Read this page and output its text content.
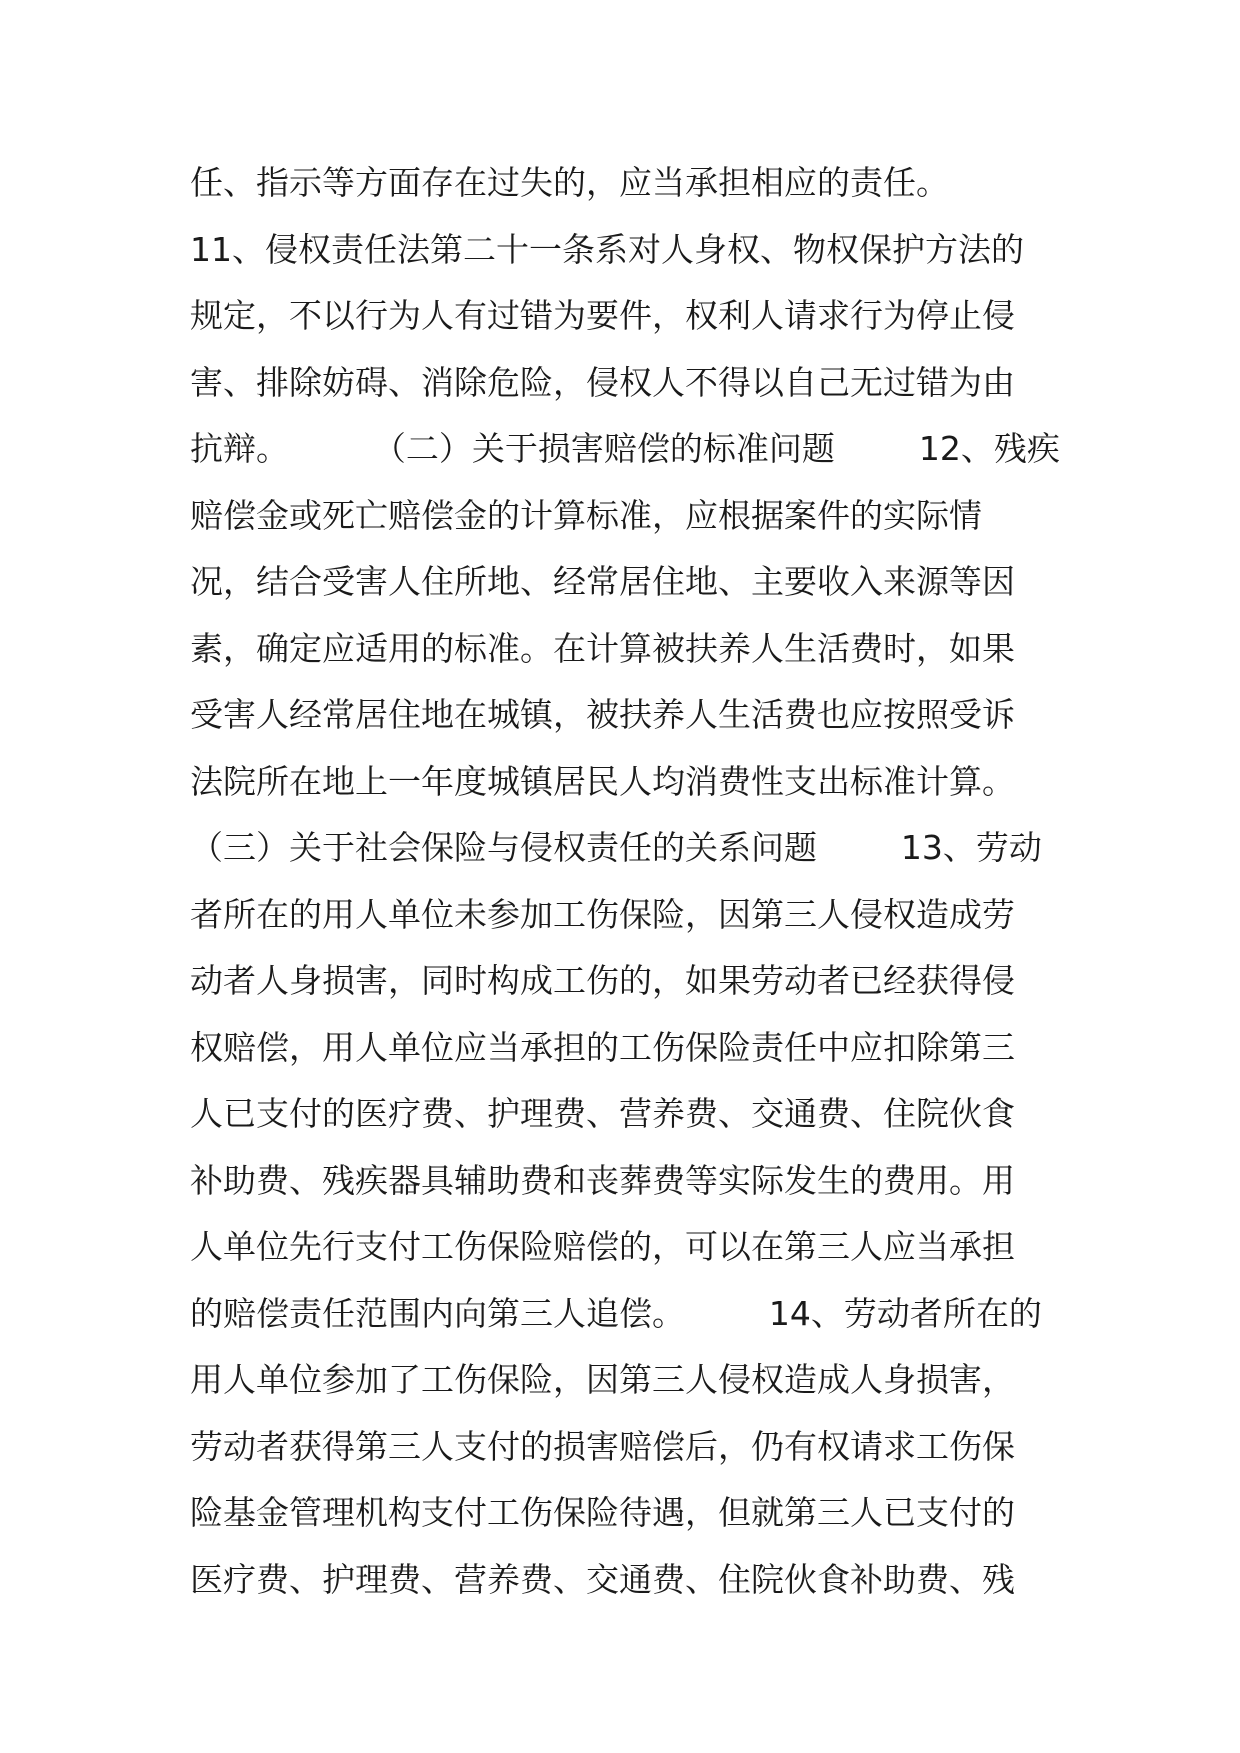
任、指示等方面存在过失的，应当承担相应的责任。
11、侵权责任法第二十一条系对人身权、物权保护方法的
规定，不以行为人有过错为要件，权利人请求行为停止侵
害、排除妨碍、消除危险，侵权人不得以自己无过错为由
抗辩。        （二）关于损害赔偿的标准问题        12、残疾
赔偿金或死亡赔偿金的计算标准，应根据案件的实际情
况，结合受害人住所地、经常居住地、主要收入来源等因
素，确定应适用的标准。在计算被扶养人生活费时，如果
受害人经常居住地在城镇，被扶养人生活费也应按照受诉
法院所在地上一年度城镇居民人均消费性支出标准计算。
（三）关于社会保险与侵权责任的关系问题        13、劳动
者所在的用人单位未参加工伤保险，因第三人侵权造成劳
动者人身损害，同时构成工伤的，如果劳动者已经获得侵
权赔偿，用人单位应当承担的工伤保险责任中应扣除第三
人已支付的医疗费、护理费、营养费、交通费、住院伙食
补助费、残疾器具辅助费和丧葬费等实际发生的费用。用
人单位先行支付工伤保险赔偿的，可以在第三人应当承担
的赔偿责任范围内向第三人追偿。        14、劳动者所在的
用人单位参加了工伤保险，因第三人侵权造成人身损害，
劳动者获得第三人支付的损害赔偿后，仍有权请求工伤保
险基金管理机构支付工伤保险待遇，但就第三人已支付的
医疗费、护理费、营养费、交通费、住院伙食补助费、残
